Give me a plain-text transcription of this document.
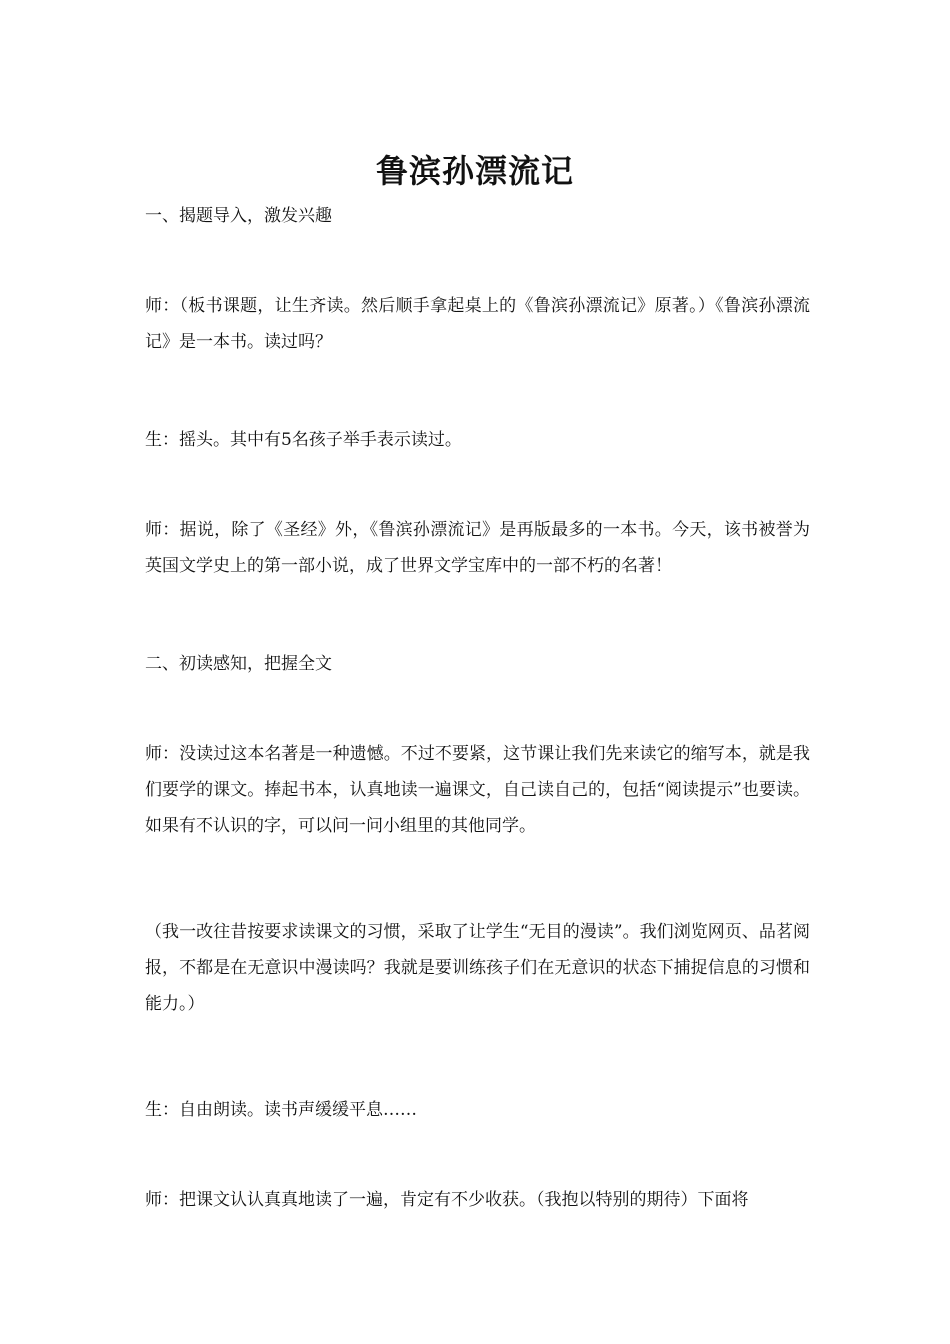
鲁滨孙漂流记

一、揭题导入，激发兴趣

师：（板书课题，让生齐读。然后顺手拿起桌上的《鲁滨孙漂流记》原著。）《鲁滨孙漂流记》是一本书。读过吗？

生：摇头。其中有5名孩子举手表示读过。

师：据说，除了《圣经》外，《鲁滨孙漂流记》是再版最多的一本书。今天，该书被誉为英国文学史上的第一部小说，成了世界文学宝库中的一部不朽的名著！

二、初读感知，把握全文

师：没读过这本名著是一种遗憾。不过不要紧，这节课让我们先来读它的缩写本，就是我们要学的课文。捧起书本，认真地读一遍课文，自己读自己的，包括“阅读提示”也要读。如果有不认识的字，可以问一问小组里的其他同学。

（我一改往昔按要求读课文的习惯，采取了让学生“无目的漫读”。我们浏览网页、品茗阅报，不都是在无意识中漫读吗？我就是要训练孩子们在无意识的状态下捕捉信息的习惯和能力。）

生：自由朗读。读书声缓缓平息……

师：把课文认认真真地读了一遍，肯定有不少收获。（我抱以特别的期待）下面将
